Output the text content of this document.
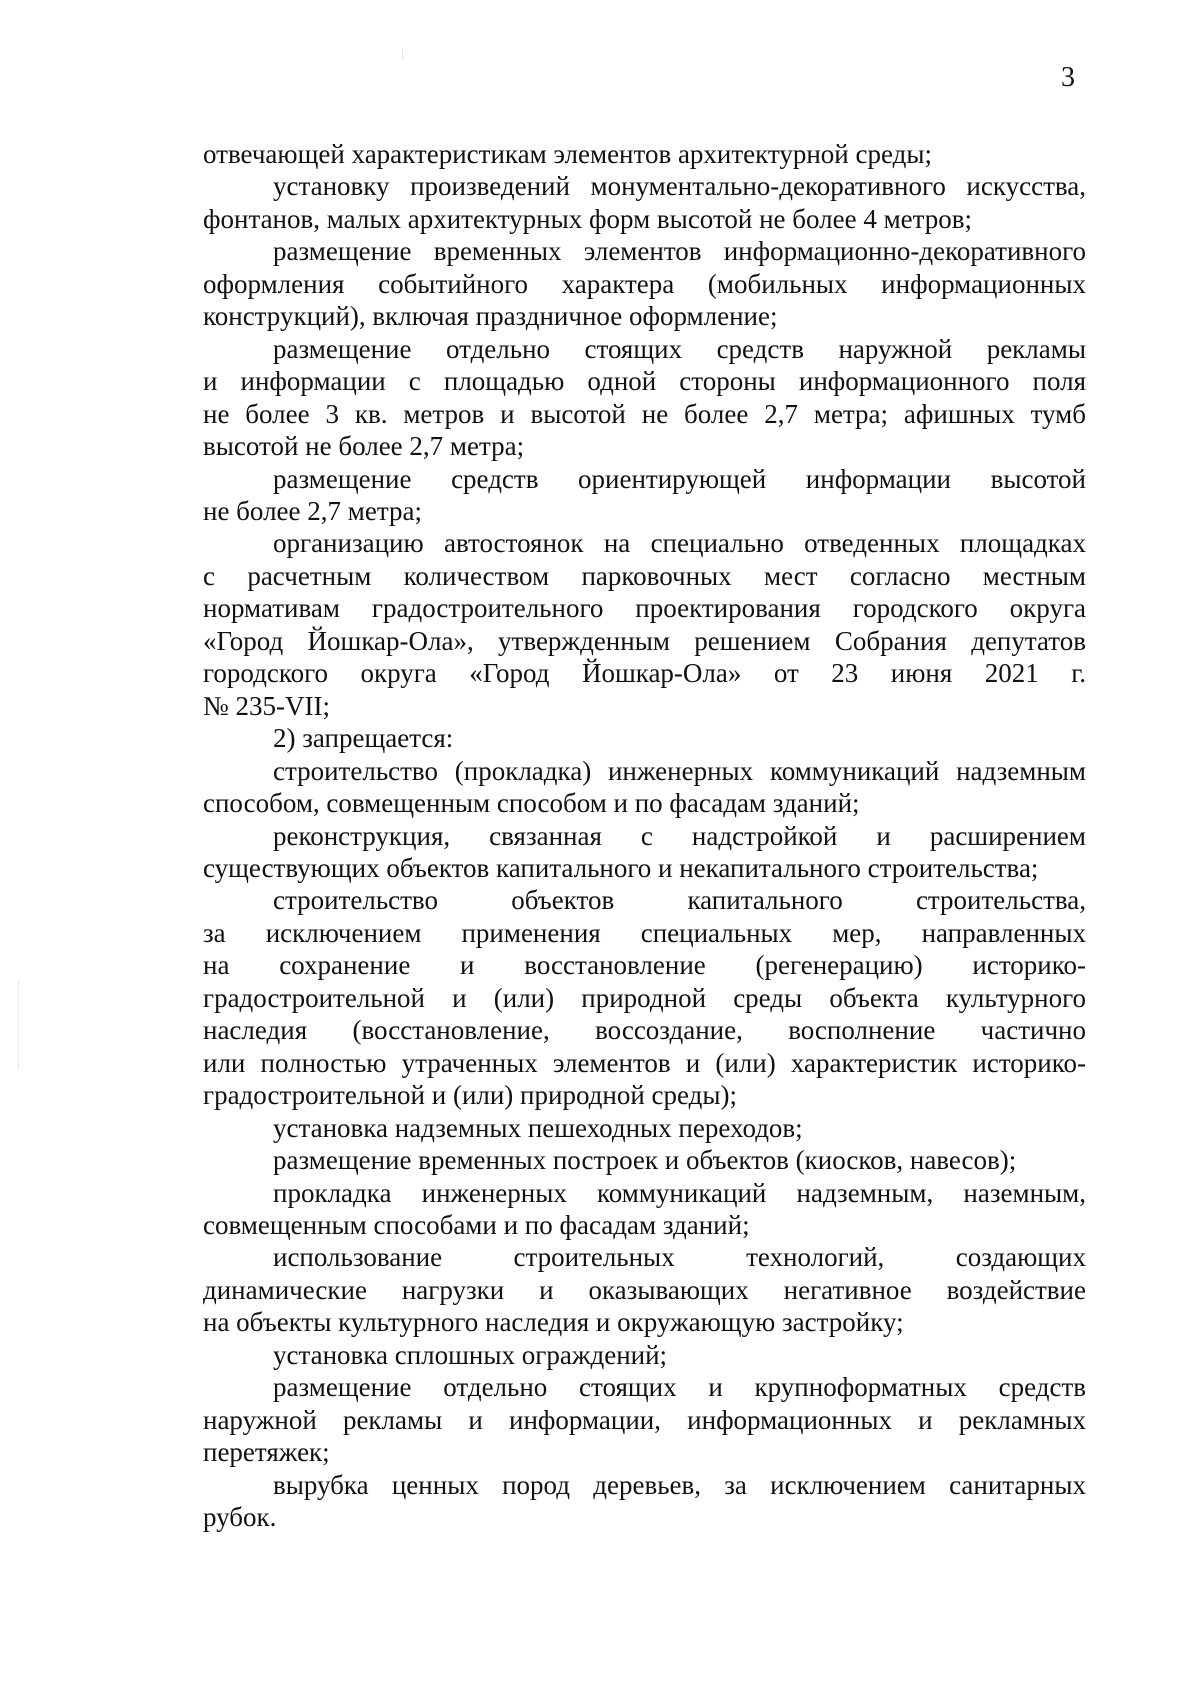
3
отвечающей характеристикам элементов архитектурной среды;
установку произведений монументально-декоративного искусства,
фонтанов, малых архитектурных форм высотой не более 4 метров;
размещение временных элементов информационно-декоративного
оформления событийного характера (мобильных информационных
конструкций), включая праздничное оформление;
размещение отдельно стоящих средств наружной рекламы
и информации с площадью одной стороны информационного поля
не более 3 кв. метров и высотой не более 2,7 метра; афишных тумб
высотой не более 2,7 метра;
размещение средств ориентирующей информации высотой
не более 2,7 метра;
организацию автостоянок на специально отведенных площадках
с расчетным количеством парковочных мест согласно местным
нормативам градостроительного проектирования городского округа
«Город Йошкар-Ола», утвержденным решением Собрания депутатов
городского округа «Город Йошкар-Ола» от 23 июня 2021 г.
№ 235-VII;
2) запрещается:
строительство (прокладка) инженерных коммуникаций надземным
способом, совмещенным способом и по фасадам зданий;
реконструкция, связанная с надстройкой и расширением
существующих объектов капитального и некапитального строительства;
строительство объектов капитального строительства,
за исключением применения специальных мер, направленных
на сохранение и восстановление (регенерацию) историко-
градостроительной и (или) природной среды объекта культурного
наследия (восстановление, воссоздание, восполнение частично
или полностью утраченных элементов и (или) характеристик историко-
градостроительной и (или) природной среды);
установка надземных пешеходных переходов;
размещение временных построек и объектов (киосков, навесов);
прокладка инженерных коммуникаций надземным, наземным,
совмещенным способами и по фасадам зданий;
использование строительных технологий, создающих
динамические нагрузки и оказывающих негативное воздействие
на объекты культурного наследия и окружающую застройку;
установка сплошных ограждений;
размещение отдельно стоящих и крупноформатных средств
наружной рекламы и информации, информационных и рекламных
перетяжек;
вырубка ценных пород деревьев, за исключением санитарных
рубок.
